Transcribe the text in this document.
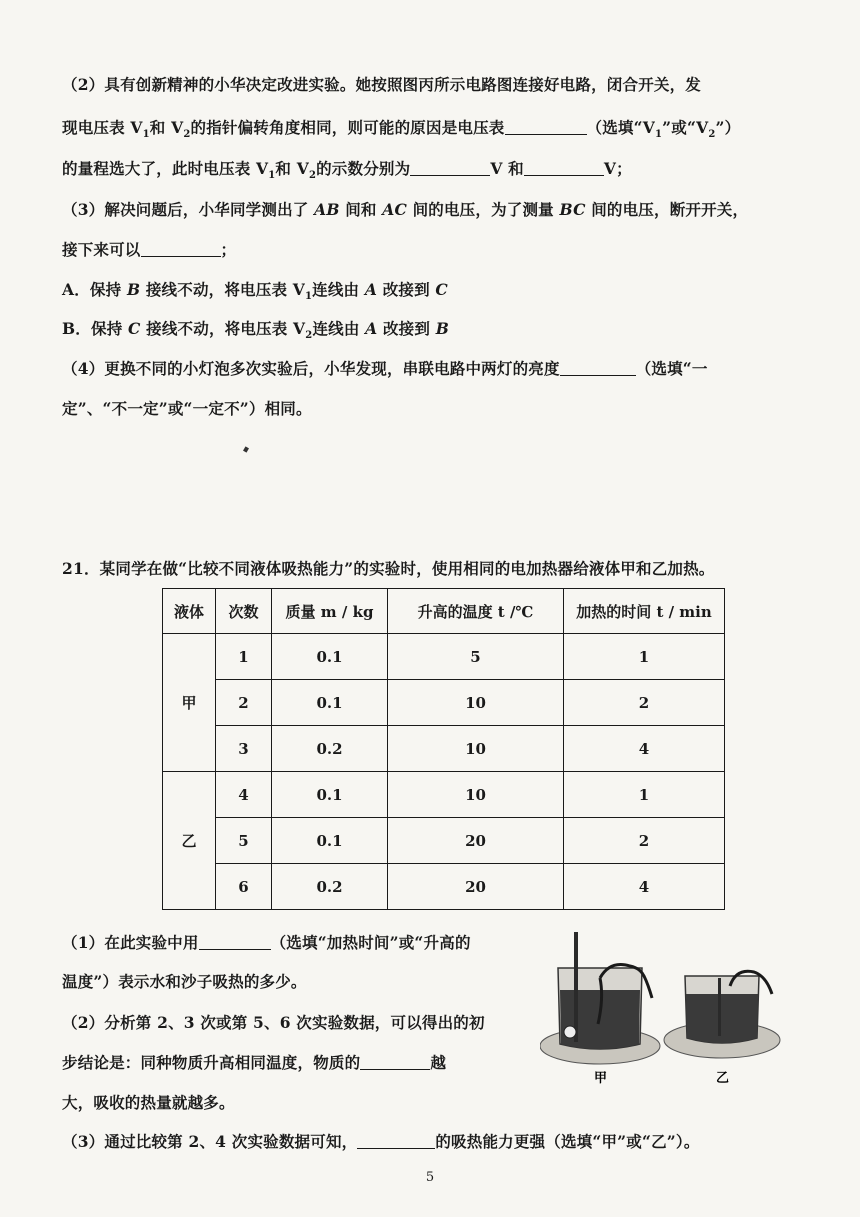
（2）具有创新精神的小华决定改进实验。她按照图丙所示电路图连接好电路，闭合开关，发
现电压表 $V_1$和 $V_2$的指针偏转角度相同，则可能的原因是电压表	（选填“$V_1$”或“$V_2$”）
的量程选大了，此时电压表 $V_1$和 $V_2$的示数分别为	V 和	V；
（3）解决问题后，小华同学测出了 AB 间和 AC 间的电压，为了测量 BC 间的电压，断开开关，
接下来可以	；
A．保持 B 接线不动，将电压表 $V_1$连线由 A 改接到 C
B．保持 C 接线不动，将电压表 $V_2$连线由 A 改接到 B
（4）更换不同的小灯泡多次实验后，小华发现，串联电路中两灯的亮度	（选填“一
定”、“不一定”或“一定不”）相同。
21．某同学在做“比较不同液体吸热能力”的实验时，使用相同的电加热器给液体甲和乙加热。
液体	次数	质量 m / kg	升高的温度 t /℃	加热的时间 t / min
甲	1	0.1	5	1
	2	0.1	10	2
	3	0.2	10	4
乙	4	0.1	10	1
	5	0.1	20	2
	6	0.2	20	4
（1）在此实验中用	（选填“加热时间”或“升高的
温度”）表示水和沙子吸热的多少。
（2）分析第 2、3 次或第 5、6 次实验数据，可以得出的初
步结论是：同种物质升高相同温度，物质的	越
大，吸收的热量就越多。
（3）通过比较第 2、4 次实验数据可知，	的吸热能力更强（选填“甲”或“乙”）。
甲	乙
5
